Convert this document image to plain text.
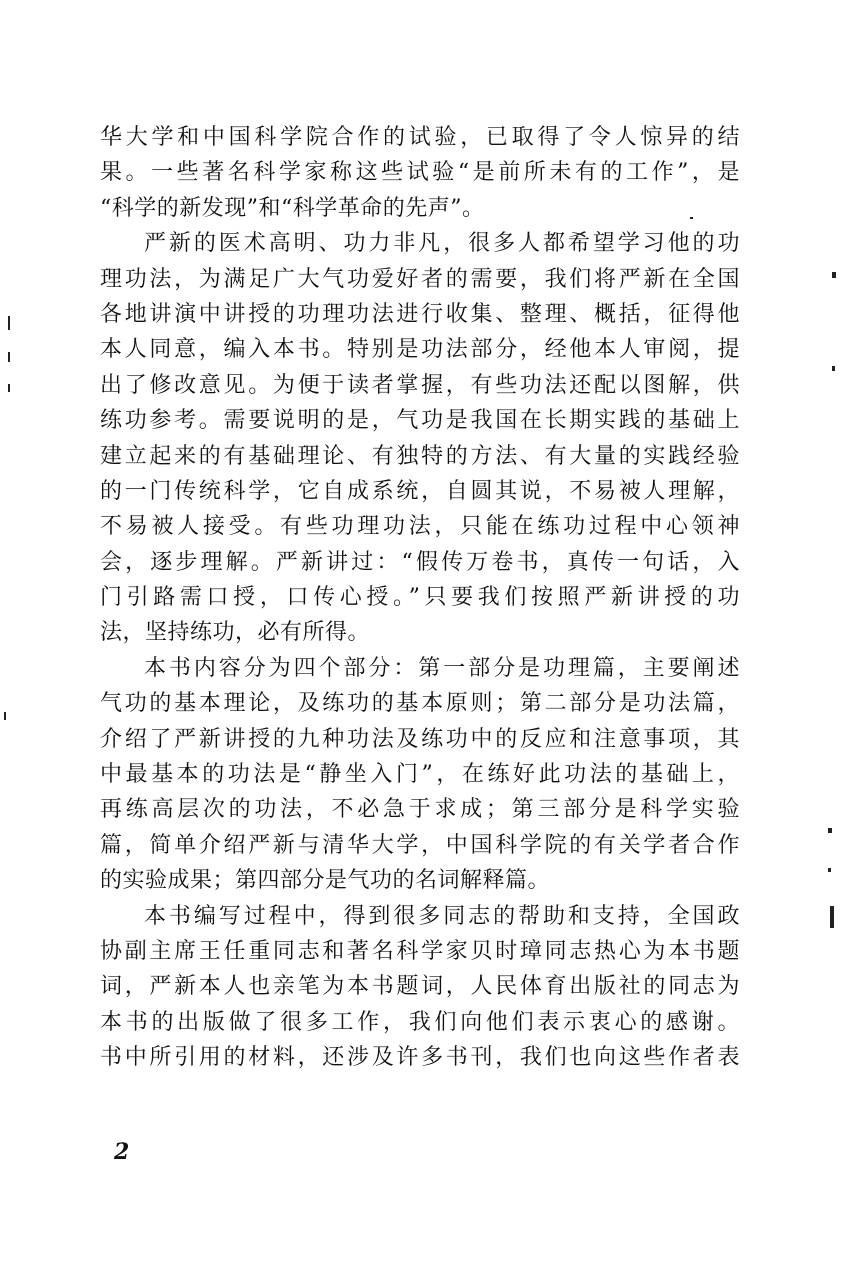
华大学和中国科学院合作的试验，已取得了令人惊异的结
果。一些著名科学家称这些试验“是前所未有的工作”，是
“科学的新发现”和“科学革命的先声”。
严新的医术高明、功力非凡，很多人都希望学习他的功
理功法，为满足广大气功爱好者的需要，我们将严新在全国
各地讲演中讲授的功理功法进行收集、整理、概括，征得他
本人同意，编入本书。特别是功法部分，经他本人审阅，提
出了修改意见。为便于读者掌握，有些功法还配以图解，供
练功参考。需要说明的是，气功是我国在长期实践的基础上
建立起来的有基础理论、有独特的方法、有大量的实践经验
的一门传统科学，它自成系统，自圆其说，不易被人理解，
不易被人接受。有些功理功法，只能在练功过程中心领神
会，逐步理解。严新讲过：“假传万卷书，真传一句话，入
门引路需口授，口传心授。”只要我们按照严新讲授的功
法，坚持练功，必有所得。
本书内容分为四个部分：第一部分是功理篇，主要阐述
气功的基本理论，及练功的基本原则；第二部分是功法篇，
介绍了严新讲授的九种功法及练功中的反应和注意事项，其
中最基本的功法是“静坐入门”，在练好此功法的基础上，
再练高层次的功法，不必急于求成；第三部分是科学实验
篇，简单介绍严新与清华大学，中国科学院的有关学者合作
的实验成果；第四部分是气功的名词解释篇。
本书编写过程中，得到很多同志的帮助和支持，全国政
协副主席王任重同志和著名科学家贝时璋同志热心为本书题
词，严新本人也亲笔为本书题词，人民体育出版社的同志为
本书的出版做了很多工作，我们向他们表示衷心的感谢。
书中所引用的材料，还涉及许多书刊，我们也向这些作者表
2
